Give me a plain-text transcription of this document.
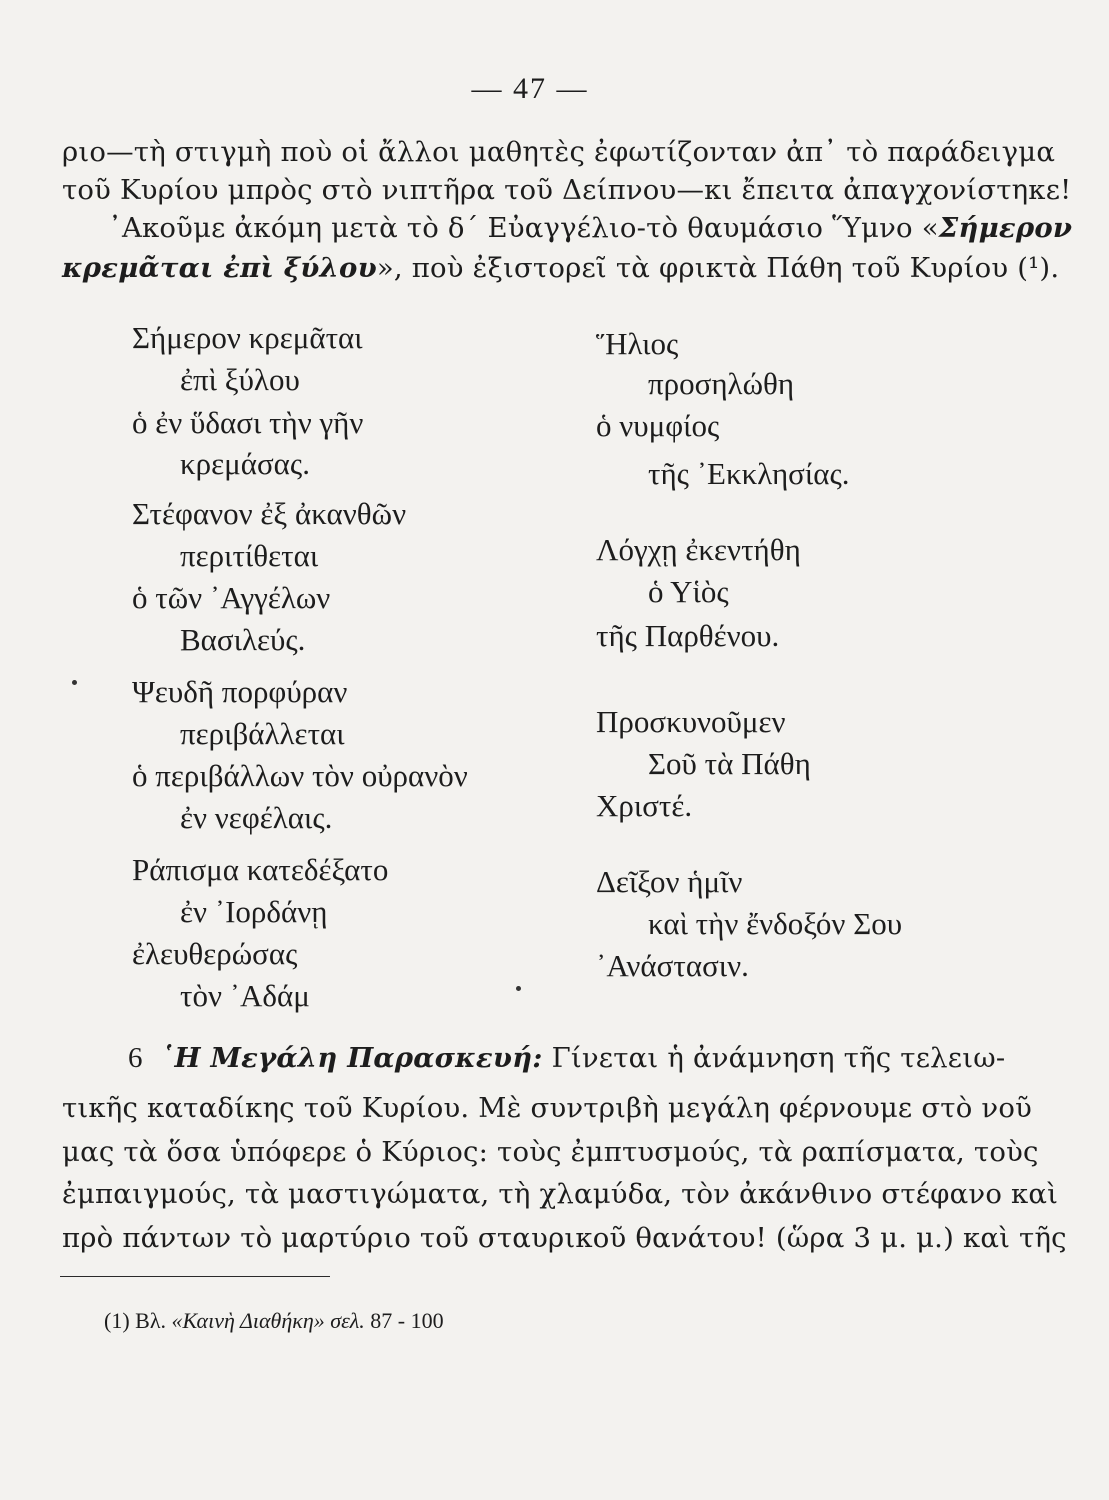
— 47 —
ριο—τὴ στιγμὴ ποὺ οἱ ἄλλοι μαθητὲς ἐφωτίζονταν ἀπ᾽ τὸ παράδειγμα
τοῦ Κυρίου μπρὸς στὸ νιπτῆρα τοῦ Δείπνου—κι ἔπειτα ἀπαγχονίστηκε!
᾽Ακοῦμε ἀκόμη μετὰ τὸ δ΄ Εὐαγγέλιο-τὸ θαυμάσιο Ὕμνο «Σήμερον
κρεμᾶται ἐπὶ ξύλου», ποὺ ἐξιστορεῖ τὰ φρικτὰ Πάθη τοῦ Κυρίου (¹).
Σήμερον κρεμᾶται
ἐπὶ ξύλου
ὁ ἐν ὕδασι τὴν γῆν
κρεμάσας.
Στέφανον ἐξ ἀκανθῶν
περιτίθεται
ὁ τῶν ᾽Αγγέλων
Βασιλεύς.
Ψευδῆ πορφύραν
περιβάλλεται
ὁ περιβάλλων τὸν οὐρανὸν
ἐν νεφέλαις.
Ράπισμα κατεδέξατο
ἐν ᾽Ιορδάνῃ
ἐλευθερώσας
τὸν ᾽Αδάμ
Ἥλιος
προσηλώθη
ὁ νυμφίος
τῆς ᾽Εκκλησίας.
Λόγχῃ ἐκεντήθη
ὁ Υἱὸς
τῆς Παρθένου.
Προσκυνοῦμεν
Σοῦ τὰ Πάθη
Χριστέ.
Δεῖξον ἡμῖν
καὶ τὴν ἔνδοξόν Σου
᾽Ανάστασιν.
6 ῾Η Μεγάλη Παρασκευή: Γίνεται ἡ ἀνάμνηση τῆς τελειω-
τικῆς καταδίκης τοῦ Κυρίου. Μὲ συντριβὴ μεγάλη φέρνουμε στὸ νοῦ
μας τὰ ὅσα ὑπόφερε ὁ Κύριος: τοὺς ἐμπτυσμούς, τὰ ραπίσματα, τοὺς
ἐμπαιγμούς, τὰ μαστιγώματα, τὴ χλαμύδα, τὸν ἀκάνθινο στέφανο καὶ
πρὸ πάντων τὸ μαρτύριο τοῦ σταυρικοῦ θανάτου! (ὥρα 3 μ. μ.) καὶ τῆς
(1) Βλ. «Καινὴ Διαθήκη» σελ. 87 - 100
